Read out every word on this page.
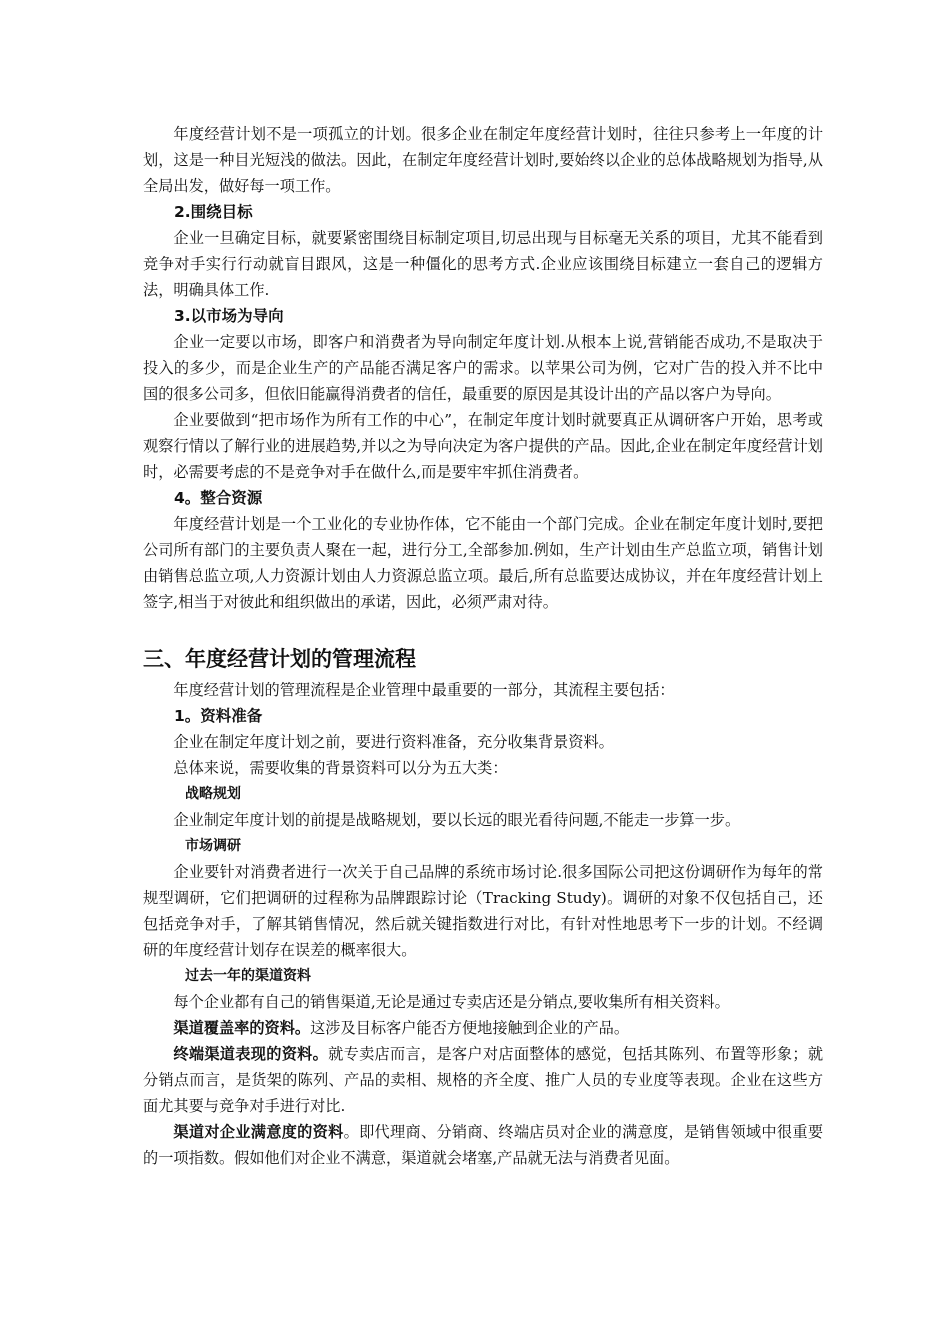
年度经营计划不是一项孤立的计划。很多企业在制定年度经营计划时，往往只参考上一年度的计划，这是一种目光短浅的做法。因此，在制定年度经营计划时,要始终以企业的总体战略规划为指导,从全局出发，做好每一项工作。

2.围绕目标

企业一旦确定目标，就要紧密围绕目标制定项目,切忌出现与目标毫无关系的项目，尤其不能看到竞争对手实行行动就盲目跟风，这是一种僵化的思考方式.企业应该围绕目标建立一套自己的逻辑方法，明确具体工作.

3.以市场为导向

企业一定要以市场，即客户和消费者为导向制定年度计划.从根本上说,营销能否成功,不是取决于投入的多少，而是企业生产的产品能否满足客户的需求。以苹果公司为例，它对广告的投入并不比中国的很多公司多，但依旧能赢得消费者的信任，最重要的原因是其设计出的产品以客户为导向。

企业要做到“把市场作为所有工作的中心”，在制定年度计划时就要真正从调研客户开始，思考或观察行情以了解行业的进展趋势,并以之为导向决定为客户提供的产品。因此,企业在制定年度经营计划时，必需要考虑的不是竞争对手在做什么,而是要牢牢抓住消费者。

4。整合资源

年度经营计划是一个工业化的专业协作体，它不能由一个部门完成。企业在制定年度计划时,要把公司所有部门的主要负责人聚在一起，进行分工,全部参加.例如，生产计划由生产总监立项，销售计划由销售总监立项,人力资源计划由人力资源总监立项。最后,所有总监要达成协议，并在年度经营计划上签字,相当于对彼此和组织做出的承诺，因此，必须严肃对待。

三、年度经营计划的管理流程

年度经营计划的管理流程是企业管理中最重要的一部分，其流程主要包括：

1。资料准备

企业在制定年度计划之前，要进行资料准备，充分收集背景资料。

总体来说，需要收集的背景资料可以分为五大类：

战略规划

企业制定年度计划的前提是战略规划，要以长远的眼光看待问题,不能走一步算一步。

市场调研

企业要针对消费者进行一次关于自己品牌的系统市场讨论.很多国际公司把这份调研作为每年的常规型调研，它们把调研的过程称为品牌跟踪讨论（Tracking Study)。调研的对象不仅包括自己，还包括竞争对手，了解其销售情况，然后就关键指数进行对比，有针对性地思考下一步的计划。不经调研的年度经营计划存在误差的概率很大。

过去一年的渠道资料

每个企业都有自己的销售渠道,无论是通过专卖店还是分销点,要收集所有相关资料。

渠道覆盖率的资料。这涉及目标客户能否方便地接触到企业的产品。

终端渠道表现的资料。就专卖店而言，是客户对店面整体的感觉，包括其陈列、布置等形象；就分销点而言，是货架的陈列、产品的卖相、规格的齐全度、推广人员的专业度等表现。企业在这些方面尤其要与竞争对手进行对比.

渠道对企业满意度的资料。即代理商、分销商、终端店员对企业的满意度，是销售领域中很重要的一项指数。假如他们对企业不满意，渠道就会堵塞,产品就无法与消费者见面。
